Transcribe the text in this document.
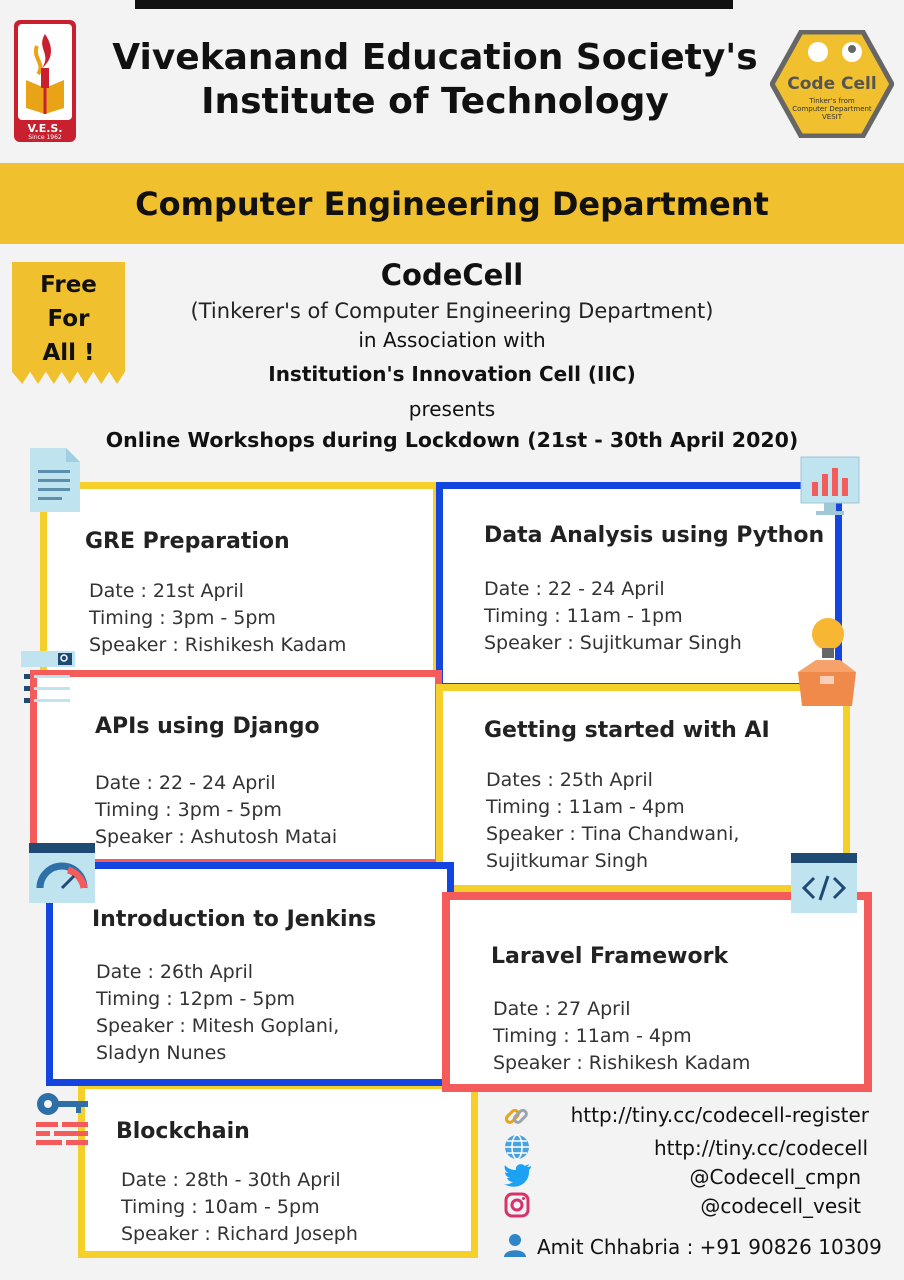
V.E.S.
Since 1962
Vivekanand Education Society's
Institute of Technology	Code Cell
Tinker's from
Computer Department
VESIT
Computer Engineering Department
Free
For
All !
CodeCell
(Tinkerer's of Computer Engineering Department)
in Association with
Institution's Innovation Cell (IIC)
presents
Online Workshops during Lockdown (21st - 30th April 2020)
GRE Preparation
Date : 21st April
Timing : 3pm - 5pm
Speaker : Rishikesh Kadam
Data Analysis using Python
Date : 22 - 24 April
Timing : 11am - 1pm
Speaker : Sujitkumar Singh
APIs using Django
Date : 22 - 24 April
Timing : 3pm - 5pm
Speaker : Ashutosh Matai
Getting started with AI
Dates : 25th April
Timing : 11am - 4pm
Speaker : Tina Chandwani,
Sujitkumar Singh
Blockchain
Date : 28th - 30th April
Timing : 10am - 5pm
Speaker : Richard Joseph
Introduction to Jenkins
Date : 26th April
Timing : 12pm - 5pm
Speaker : Mitesh Goplani,
Sladyn Nunes
Laravel Framework
Date : 27 April
Timing : 11am - 4pm
Speaker : Rishikesh Kadam
http://tiny.cc/codecell-register
http://tiny.cc/codecell
@Codecell_cmpn
@codecell_vesit
Amit Chhabria : +91 90826 10309
